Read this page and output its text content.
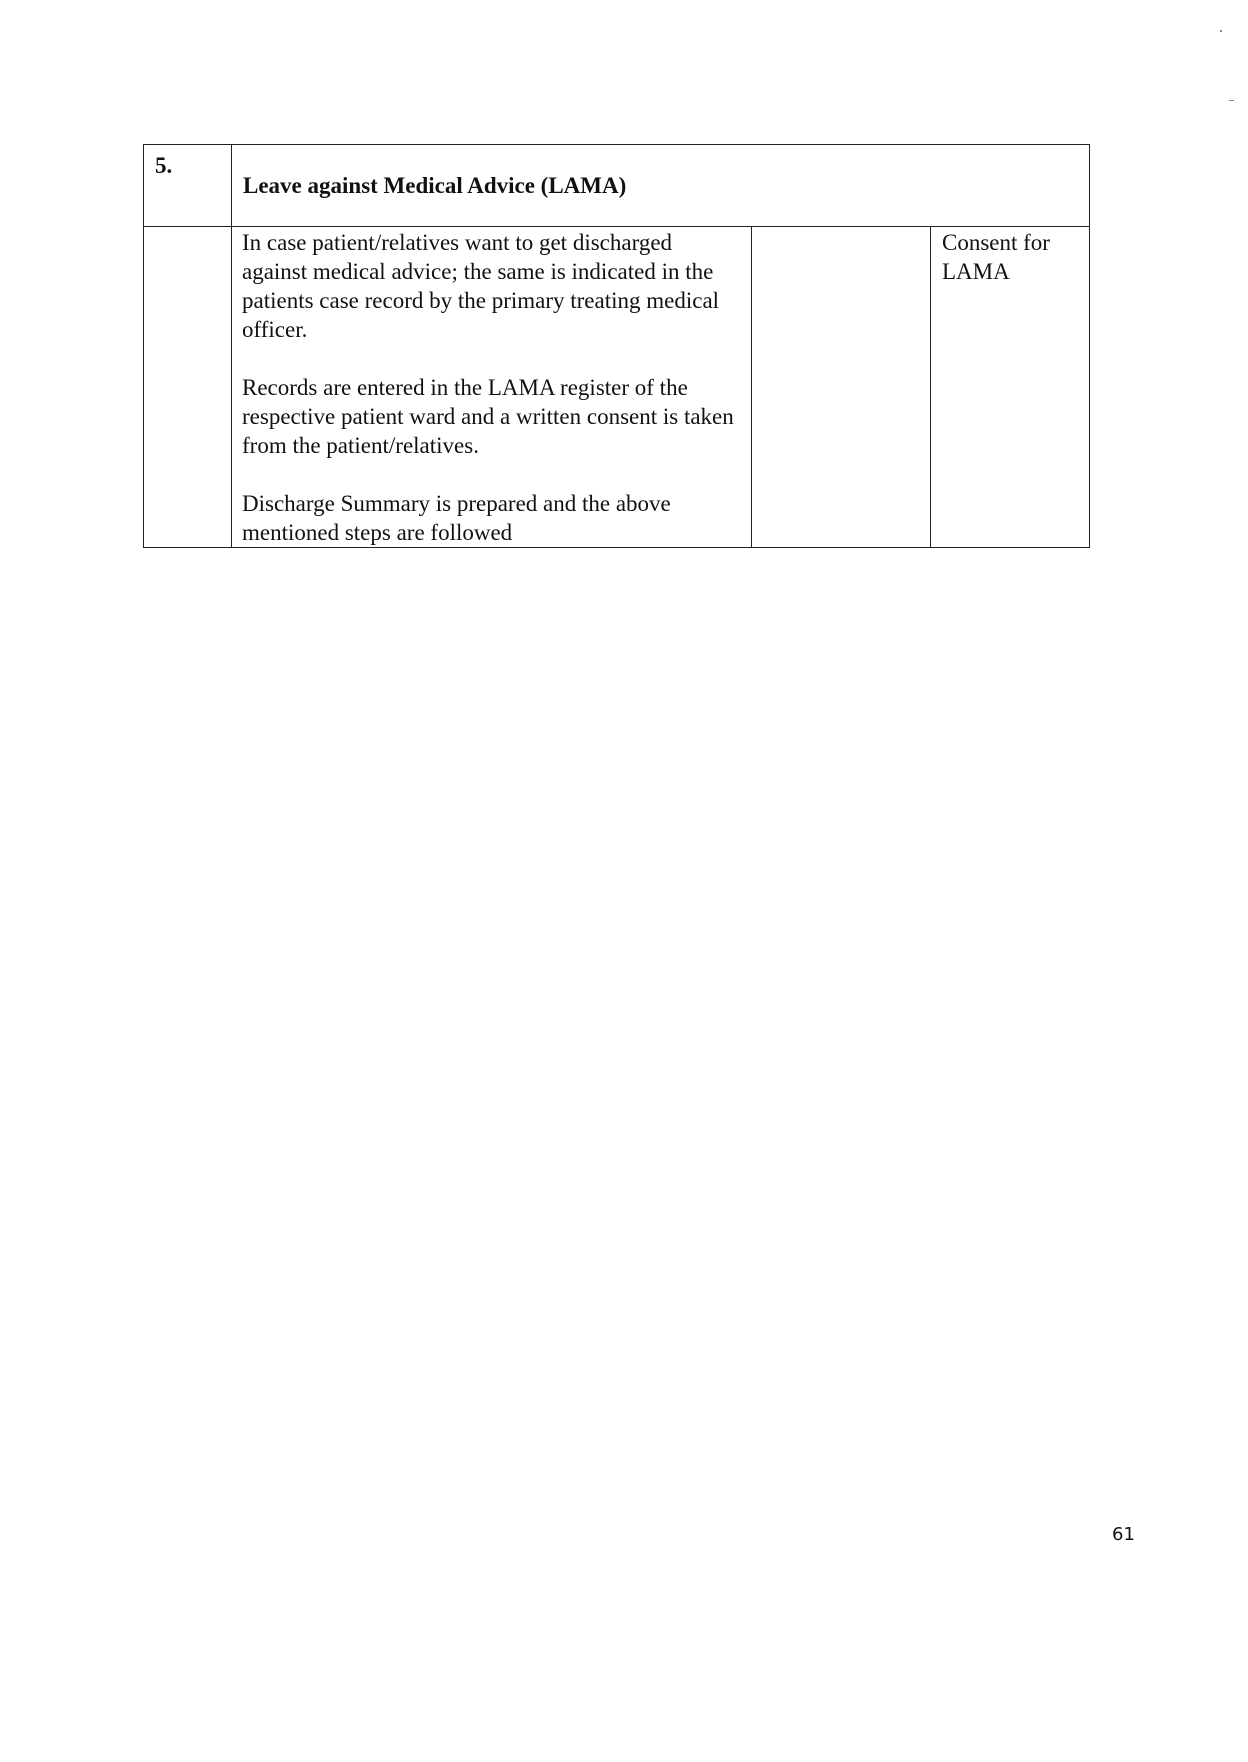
5.	Leave against Medical Advice (LAMA)		

	In case patient/relatives want to get discharged against medical advice; the same is indicated in the patients case record by the primary treating medical officer.

Records are entered in the LAMA register of the respective patient ward and a written consent is taken from the patient/relatives.

Discharge Summary is prepared and the above mentioned steps are followed		Consent for LAMA
61
